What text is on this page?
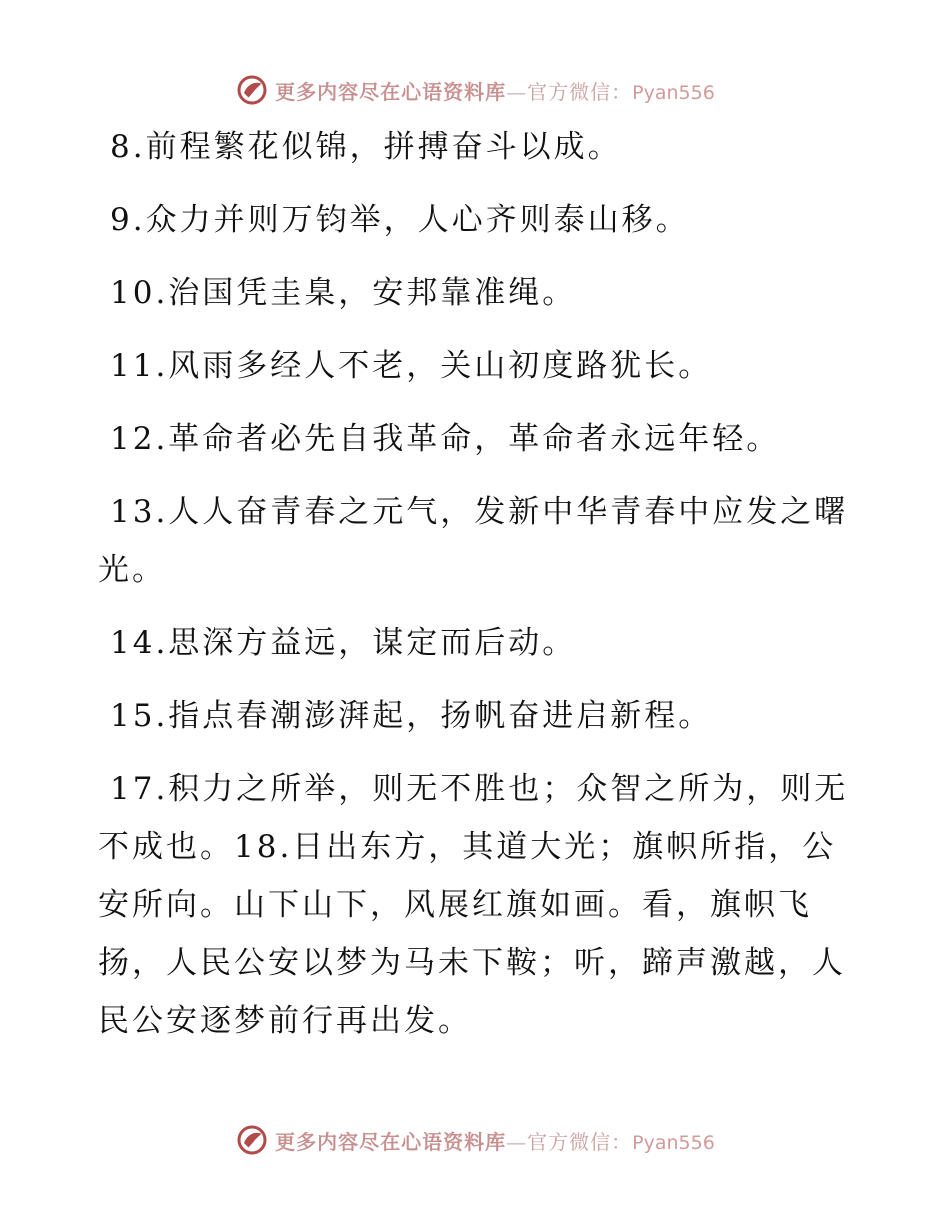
更多内容尽在心语资料库—官方微信：Pyan556

8.前程繁花似锦，拼搏奋斗以成。

9.众力并则万钧举，人心齐则泰山移。

10.治国凭圭臬，安邦靠准绳。

11.风雨多经人不老，关山初度路犹长。

12.革命者必先自我革命，革命者永远年轻。

13.人人奋青春之元气，发新中华青春中应发之曙光。

14.思深方益远，谋定而后动。

15.指点春潮澎湃起，扬帆奋进启新程。

17.积力之所举，则无不胜也；众智之所为，则无不成也。18.日出东方，其道大光；旗帜所指，公安所向。山下山下，风展红旗如画。看，旗帜飞扬，人民公安以梦为马未下鞍；听，蹄声激越，人民公安逐梦前行再出发。

更多内容尽在心语资料库—官方微信：Pyan556
